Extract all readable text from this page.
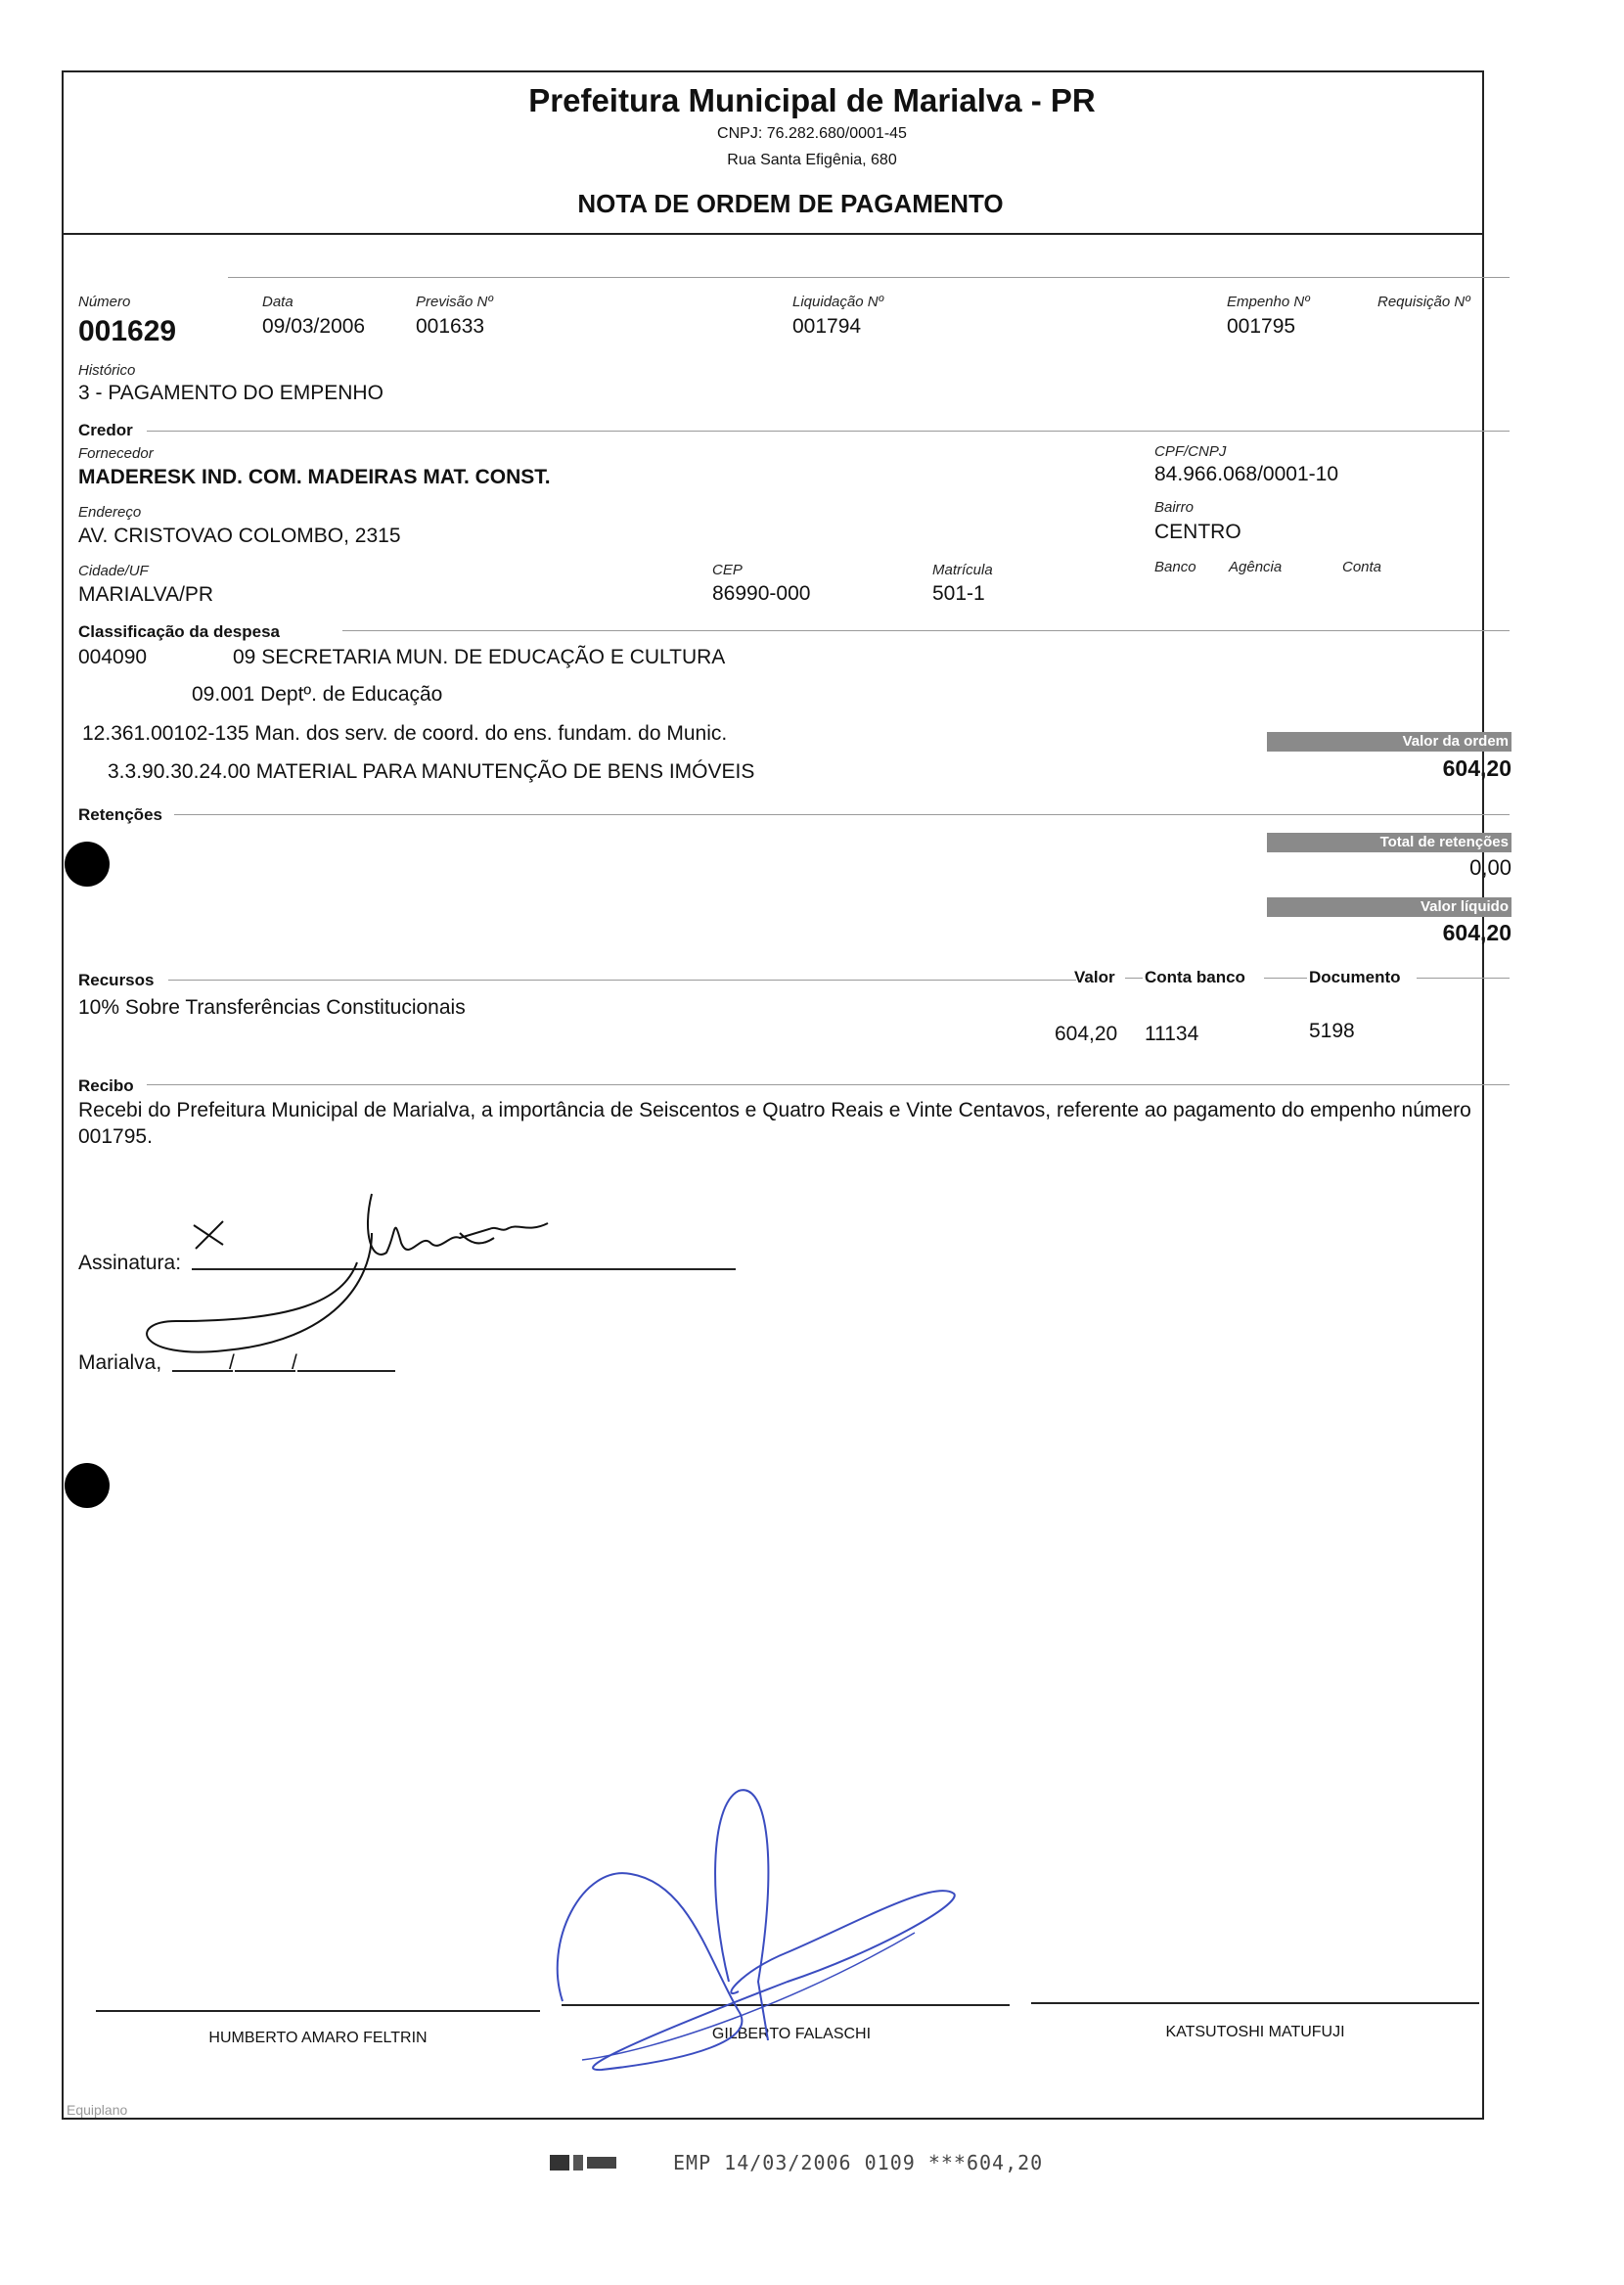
Prefeitura Municipal de Marialva - PR
CNPJ: 76.282.680/0001-45
Rua Santa Efigênia, 680
NOTA DE ORDEM DE PAGAMENTO
Número
001629
Data
09/03/2006
Previsão Nº
001633
Liquidação Nº
001794
Empenho Nº
001795
Requisição Nº
Histórico
3 - PAGAMENTO DO EMPENHO
Credor
Fornecedor
MADERESK IND. COM. MADEIRAS MAT. CONST.
CPF/CNPJ
84.966.068/0001-10
Endereço
AV. CRISTOVAO COLOMBO, 2315
Bairro
CENTRO
Cidade/UF
MARIALVA/PR
CEP
86990-000
Matrícula
501-1
Banco Agência	Conta
Classificação da despesa
004090	09 SECRETARIA MUN. DE EDUCAÇÃO E CULTURA
09.001 Deptº. de Educação
12.361.00102-135 Man. dos serv. de coord. do ens. fundam. do Munic.
3.3.90.30.24.00 MATERIAL PARA MANUTENÇÃO DE BENS IMÓVEIS
Valor da ordem
604,20
Retenções
Total de retenções
0,00
Valor líquido
604,20
Recursos	Valor Conta banco	Documento
10% Sobre Transferências Constitucionais
604,20 11134	5198
Recibo
Recebi do Prefeitura Municipal de Marialva, a importância de Seiscentos e Quatro Reais e Vinte Centavos, referente ao pagamento do empenho número 001795.
Assinatura:
Marialva,	/	/
HUMBERTO AMARO FELTRIN	GILBERTO FALASCHI	KATSUTOSHI MATUFUJI
Equiplano
EMP 14/03/2006 0109 ***604,20
